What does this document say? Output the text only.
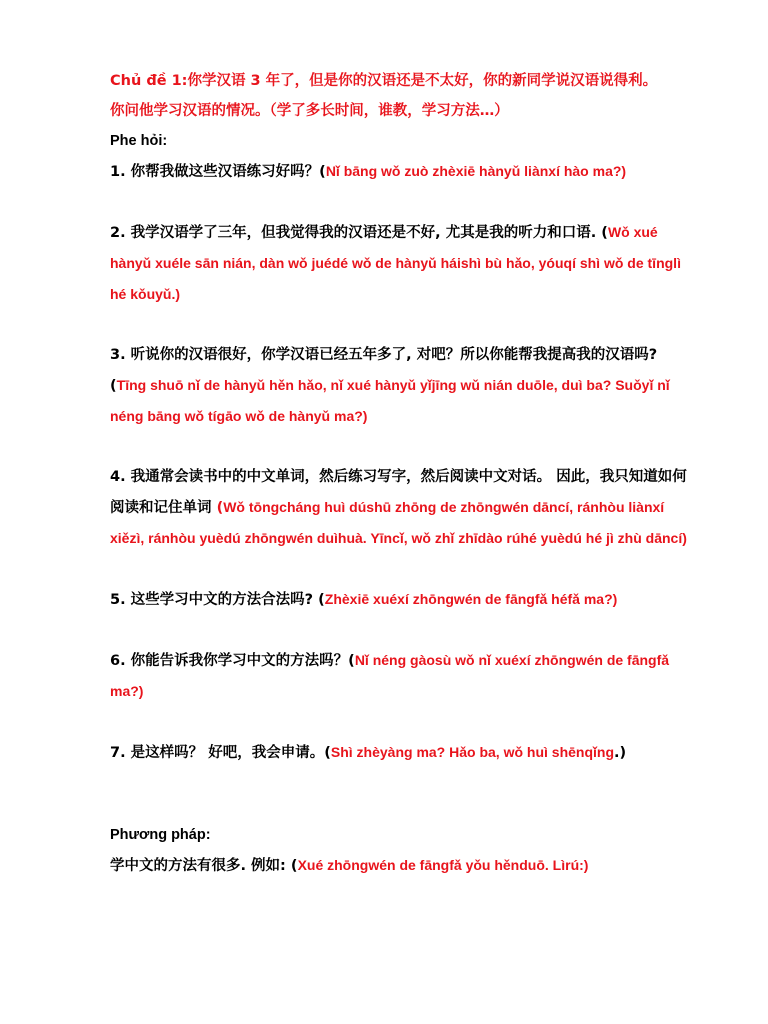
Chủ đề 1:你学汉语 3 年了，但是你的汉语还是不太好，你的新同学说汉语说得利。
你问他学习汉语的情况。（学了多长时间，谁教，学习方法…）
Phe hỏi:
1. 你帮我做这些汉语练习好吗？(Nǐ bāng wǒ zuò zhèxiē hànyǔ liànxí hào ma?)
2. 我学汉语学了三年，但我觉得我的汉语还是不好, 尤其是我的听力和口语. (Wǒ xué hànyǔ xuéle sān nián, dàn wǒ juédé wǒ de hànyǔ háishì bù hǎo, yóuqí shì wǒ de tīnglì hé kǒuyǔ.)
3. 听说你的汉语很好，你学汉语已经五年多了, 对吧？所以你能帮我提高我的汉语吗? (Tīng shuō nǐ de hànyǔ hěn hǎo, nǐ xué hànyǔ yǐjīng wǔ nián duōle, duì ba? Suǒyǐ nǐ néng bāng wǒ tígāo wǒ de hànyǔ ma?)
4. 我通常会读书中的中文单词，然后练习写字，然后阅读中文对话。 因此，我只知道如何阅读和记住单词 (Wǒ tōngcháng huì dúshū zhōng de zhōngwén dāncí, ránhòu liànxí xiězì, ránhòu yuèdú zhōngwén duìhuà. Yīncǐ, wǒ zhǐ zhīdào rúhé yuèdú hé jì zhù dāncí)
5. 这些学习中文的方法合法吗? (Zhèxiē xuéxí zhōngwén de fāngfǎ héfǎ ma?)
6. 你能告诉我你学习中文的方法吗？(Nǐ néng gàosù wǒ nǐ xuéxí zhōngwén de fāngfǎ ma?)
7. 是这样吗？ 好吧，我会申请。(Shì zhèyàng ma? Hǎo ba, wǒ huì shēnqǐng.)
Phương pháp:
学中文的方法有很多. 例如: (Xué zhōngwén de fāngfǎ yǒu hěnduō. Lìrú:)
